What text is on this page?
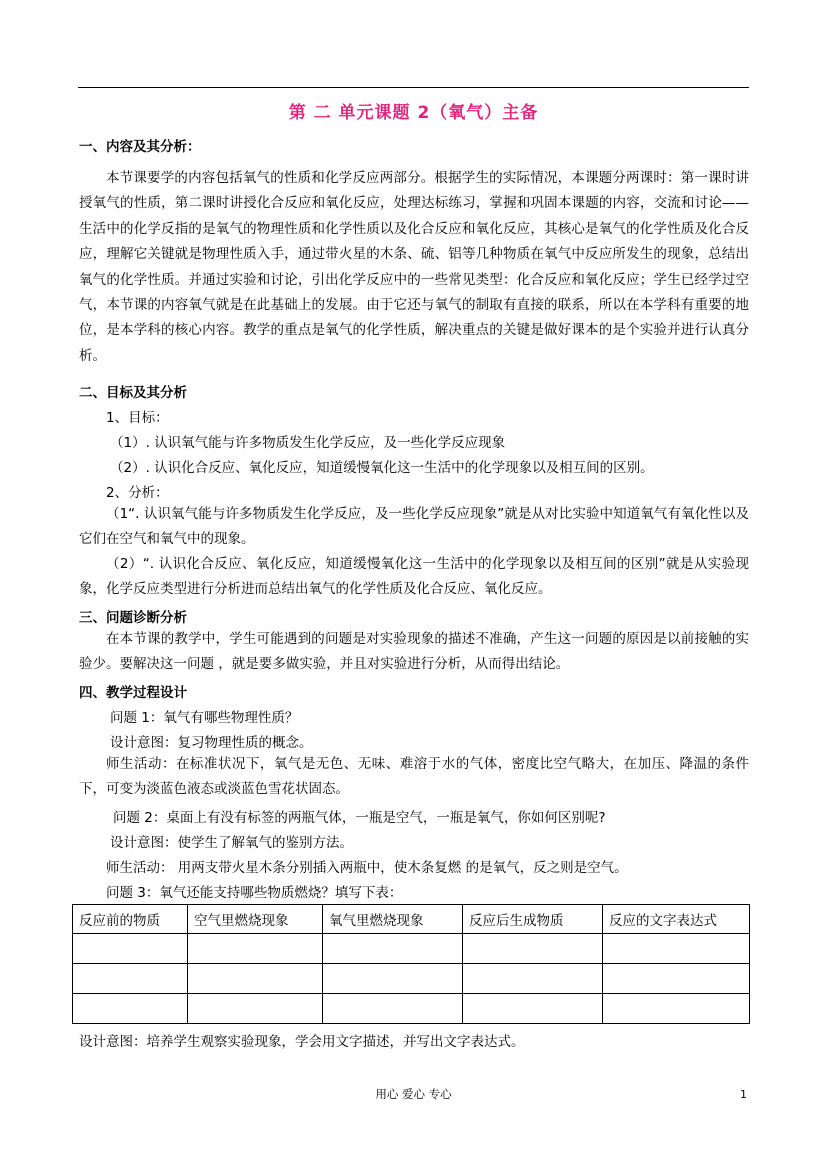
第 二 单元课题 2（氧气）主备
一、内容及其分析：

本节课要学的内容包括氧气的性质和化学反应两部分。根据学生的实际情况，本课题分两课时：第一课时讲授氧气的性质，第二课时讲授化合反应和氧化反应，处理达标练习，掌握和巩固本课题的内容，交流和讨论——生活中的化学反指的是氧气的物理性质和化学性质以及化合反应和氧化反应，其核心是氧气的化学性质及化合反应，理解它关键就是物理性质入手，通过带火星的木条、硫、铝等几种物质在氧气中反应所发生的现象，总结出氧气的化学性质。并通过实验和讨论，引出化学反应中的一些常见类型：化合反应和氧化反应；学生已经学过空气，本节课的内容氧气就是在此基础上的发展。由于它还与氧气的制取有直接的联系，所以在本学科有重要的地位，是本学科的核心内容。教学的重点是氧气的化学性质，解决重点的关键是做好课本的是个实验并进行认真分析。

二、目标及其分析
1、目标：
（1）. 认识氧气能与许多物质发生化学反应，及一些化学反应现象
（2）. 认识化合反应、氧化反应，知道缓慢氧化这一生活中的化学现象以及相互间的区别。
2、分析：

（1“. 认识氧气能与许多物质发生化学反应，及一些化学反应现象”就是从对比实验中知道氧气有氧化性以及它们在空气和氧气中的现象。

（2）“. 认识化合反应、氧化反应，知道缓慢氧化这一生活中的化学现象以及相互间的区别”就是从实验现象，化学反应类型进行分析进而总结出氧气的化学性质及化合反应、氧化反应。

三、问题诊断分析

在本节课的教学中，学生可能遇到的问题是对实验现象的描述不准确，产生这一问题的原因是以前接触的实验少。要解决这一问题 ，就是要多做实验，并且对实验进行分析，从而得出结论。

四、教学过程设计
问题 1：氧气有哪些物理性质？
设计意图：复习物理性质的概念。

师生活动：在标准状况下，氧气是无色、无味、难溶于水的气体，密度比空气略大，在加压、降温的条件下，可变为淡蓝色液态或淡蓝色雪花状固态。

问题 2：桌面上有没有标签的两瓶气体，一瓶是空气，一瓶是氧气，你如何区别呢?
设计意图：使学生了解氧气的鉴别方法。
师生活动： 用两支带火星木条分别插入两瓶中，使木条复燃 的是氧气，反之则是空气。
问题 3：氧气还能支持哪些物质燃烧？填写下表：
反应前的物质	空气里燃烧现象	氧气里燃烧现象	反应后生成物质	反应的文字表达式

设计意图：培养学生观察实验现象，学会用文字描述，并写出文字表达式。
用心 爱心 专心	1
